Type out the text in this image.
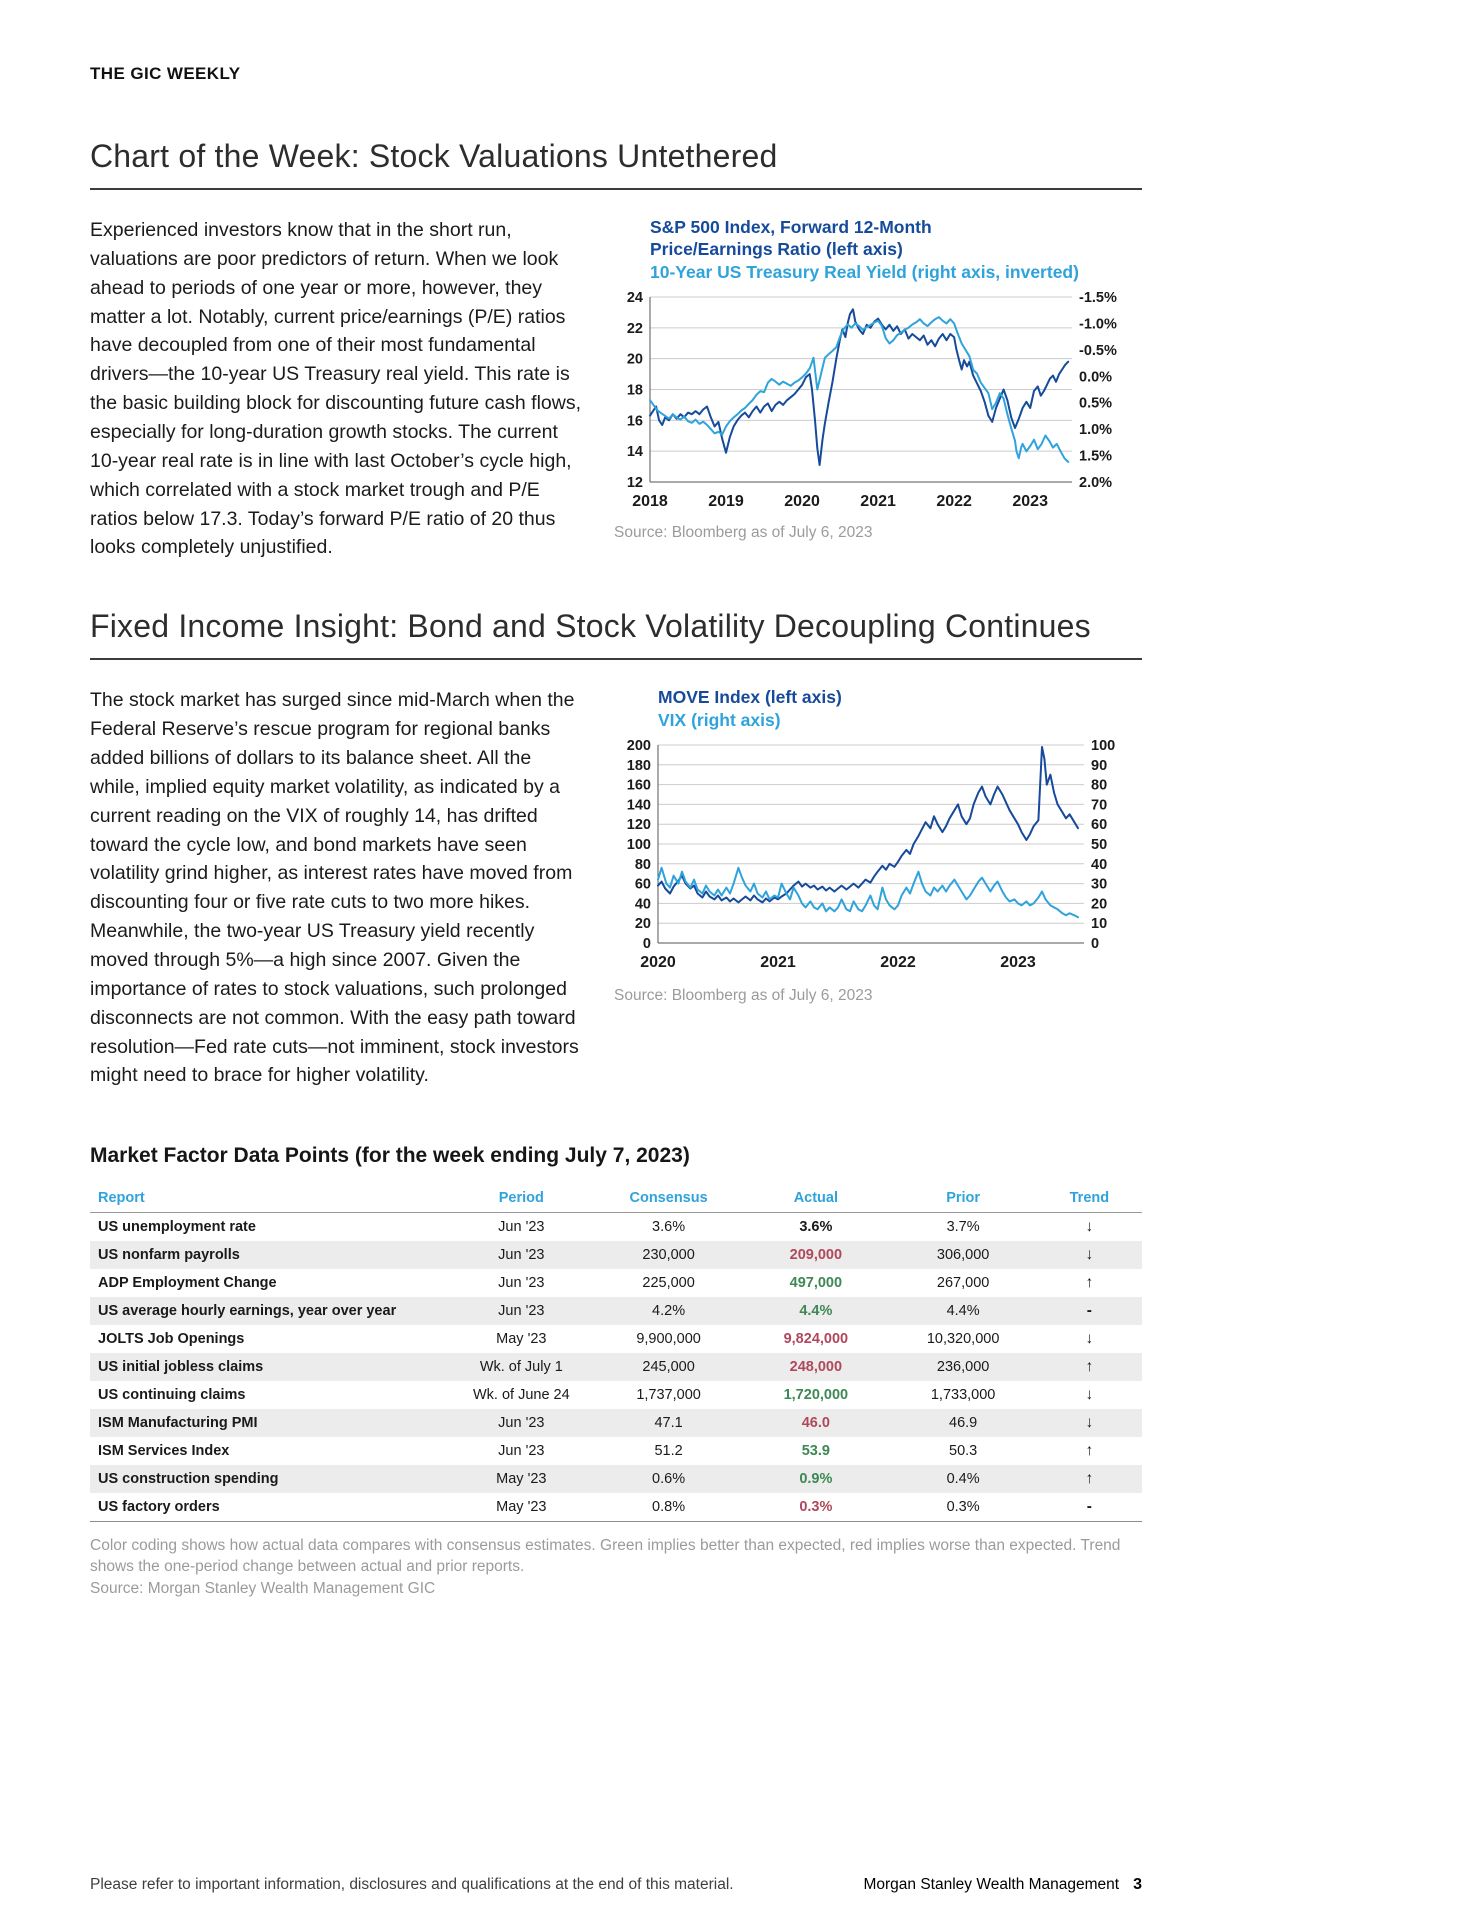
THE GIC WEEKLY
Chart of the Week: Stock Valuations Untethered

Experienced investors know that in the short run, valuations are poor predictors of return. When we look ahead to periods of one year or more, however, they matter a lot. Notably, current price/earnings (P/E) ratios have decoupled from one of their most fundamental drivers—the 10-year US Treasury real yield. This rate is the basic building block for discounting future cash flows, especially for long-duration growth stocks. The current 10-year real rate is in line with last October’s cycle high, which correlated with a stock market trough and P/E ratios below 17.3. Today’s forward P/E ratio of 20 thus looks completely unjustified.

S&P 500 Index, Forward 12-Month
Price/Earnings Ratio (left axis)
10-Year US Treasury Real Yield (right axis, inverted)
24
22
20
18
16
14
12
-1.5%
-1.0%
-0.5%
0.0%
0.5%
1.0%
1.5%
2.0%
2018	2019	2020	2021	2022	2023
Source: Bloomberg as of July 6, 2023
Fixed Income Insight: Bond and Stock Volatility Decoupling Continues

The stock market has surged since mid-March when the Federal Reserve’s rescue program for regional banks added billions of dollars to its balance sheet. All the while, implied equity market volatility, as indicated by a current reading on the VIX of roughly 14, has drifted toward the cycle low, and bond markets have seen volatility grind higher, as interest rates have moved from discounting four or five rate cuts to two more hikes. Meanwhile, the two-year US Treasury yield recently moved through 5%—a high since 2007. Given the importance of rates to stock valuations, such prolonged disconnects are not common. With the easy path toward resolution—Fed rate cuts—not imminent, stock investors might need to brace for higher volatility.

MOVE Index (left axis)
VIX (right axis)
200
180
160
140
120
100
80
60
40
20
0
100
90
80
70
60
50
40
30
20
10
0
2020	2021	2022	2023
Source: Bloomberg as of July 6, 2023
Market Factor Data Points (for the week ending July 7, 2023)
Report	Period	Consensus	Actual	Prior	Trend
US unemployment rate	Jun '23	3.6%	3.6%	3.7%	↓
US nonfarm payrolls	Jun '23	230,000	209,000	306,000	↓
ADP Employment Change	Jun '23	225,000	497,000	267,000	↑
US average hourly earnings, year over year	Jun '23	4.2%	4.4%	4.4%	-
JOLTS Job Openings	May '23	9,900,000	9,824,000	10,320,000	↓
US initial jobless claims	Wk. of July 1	245,000	248,000	236,000	↑
US continuing claims	Wk. of June 24	1,737,000	1,720,000	1,733,000	↓
ISM Manufacturing PMI	Jun '23	47.1	46.0	46.9	↓
ISM Services Index	Jun '23	51.2	53.9	50.3	↑
US construction spending	May '23	0.6%	0.9%	0.4%	↑
US factory orders	May '23	0.8%	0.3%	0.3%	-
Color coding shows how actual data compares with consensus estimates. Green implies better than expected, red implies worse than expected. Trend shows the one-period change between actual and prior reports.
Source: Morgan Stanley Wealth Management GIC
Please refer to important information, disclosures and qualifications at the end of this material.	Morgan Stanley Wealth Management 3
